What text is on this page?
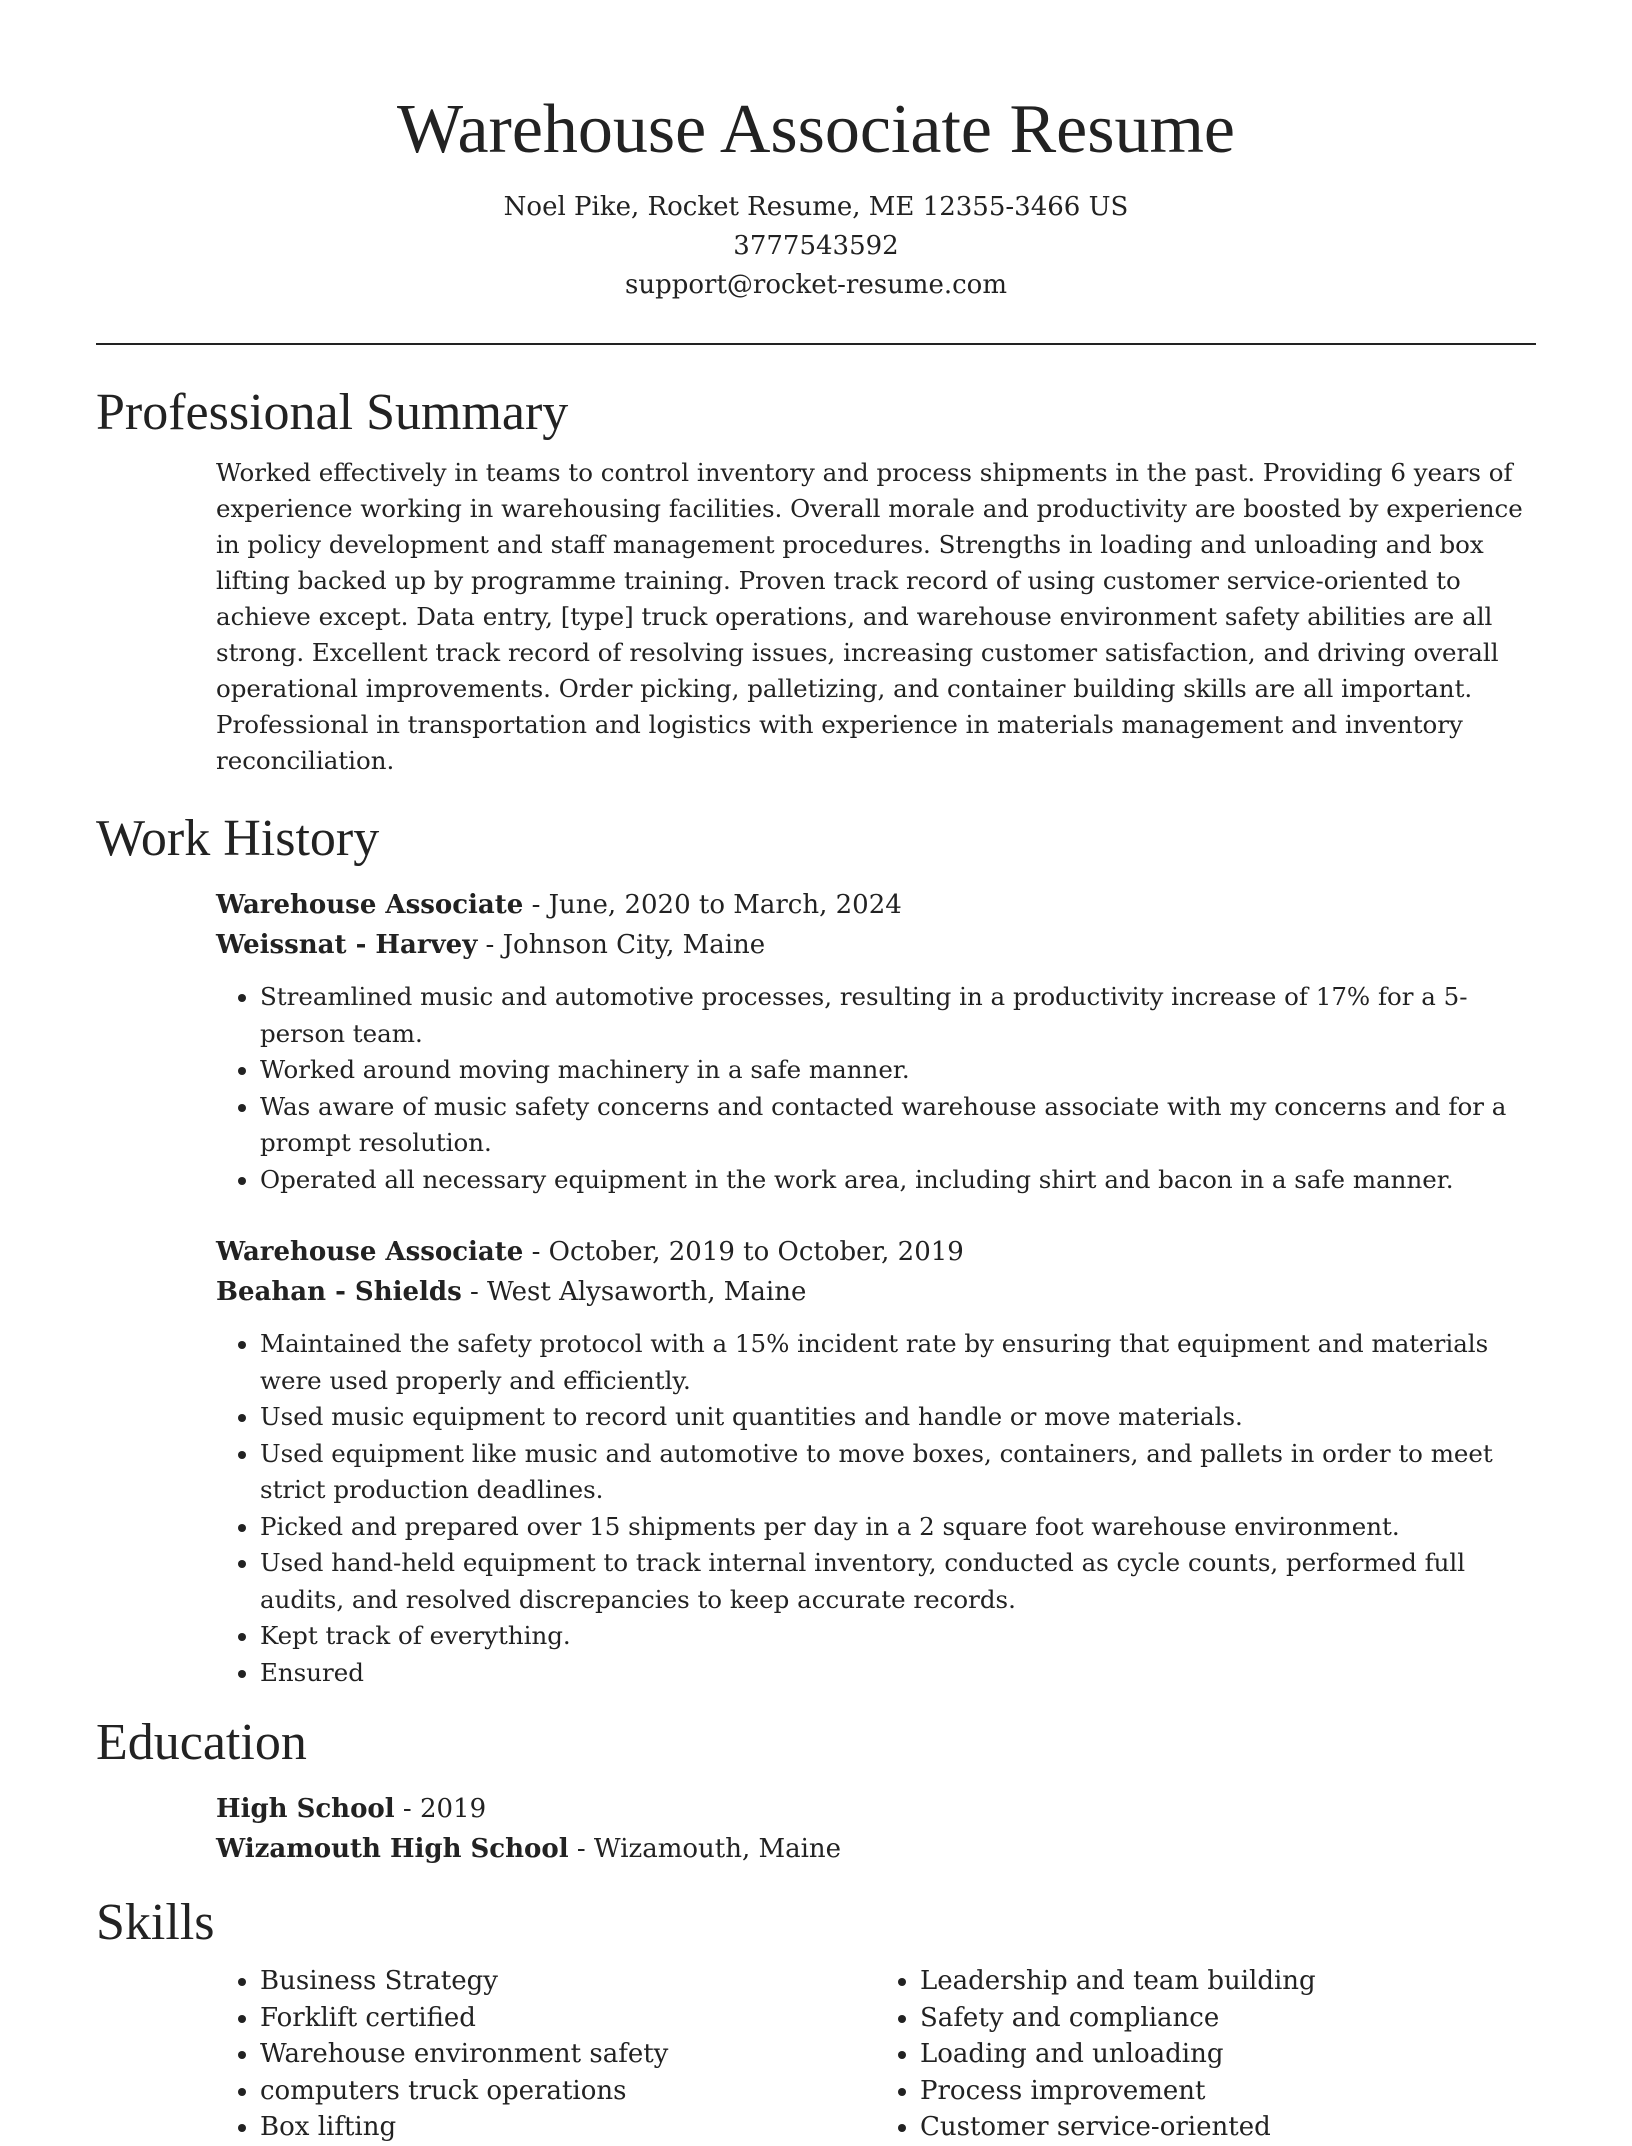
Warehouse Associate Resume
Noel Pike, Rocket Resume, ME 12355-3466 US
3777543592
support@rocket-resume.com
Professional Summary
Worked effectively in teams to control inventory and process shipments in the past. Providing 6 years of experience working in warehousing facilities. Overall morale and productivity are boosted by experience in policy development and staff management procedures. Strengths in loading and unloading and box lifting backed up by programme training. Proven track record of using customer service-oriented to achieve except. Data entry, [type] truck operations, and warehouse environment safety abilities are all strong. Excellent track record of resolving issues, increasing customer satisfaction, and driving overall operational improvements. Order picking, palletizing, and container building skills are all important. Professional in transportation and logistics with experience in materials management and inventory reconciliation.
Work History
Warehouse Associate - June, 2020 to March, 2024
Weissnat - Harvey - Johnson City, Maine
• Streamlined music and automotive processes, resulting in a productivity increase of 17% for a 5-person team.
• Worked around moving machinery in a safe manner.
• Was aware of music safety concerns and contacted warehouse associate with my concerns and for a prompt resolution.
• Operated all necessary equipment in the work area, including shirt and bacon in a safe manner.
Warehouse Associate - October, 2019 to October, 2019
Beahan - Shields - West Alysaworth, Maine
• Maintained the safety protocol with a 15% incident rate by ensuring that equipment and materials were used properly and efficiently.
• Used music equipment to record unit quantities and handle or move materials.
• Used equipment like music and automotive to move boxes, containers, and pallets in order to meet strict production deadlines.
• Picked and prepared over 15 shipments per day in a 2 square foot warehouse environment.
• Used hand-held equipment to track internal inventory, conducted as cycle counts, performed full audits, and resolved discrepancies to keep accurate records.
• Kept track of everything.
• Ensured
Education
High School - 2019
Wizamouth High School - Wizamouth, Maine
Skills
• Business Strategy
• Forklift certified
• Warehouse environment safety
• computers truck operations
• Box lifting
• Leadership and team building
• Safety and compliance
• Loading and unloading
• Process improvement
• Customer service-oriented
